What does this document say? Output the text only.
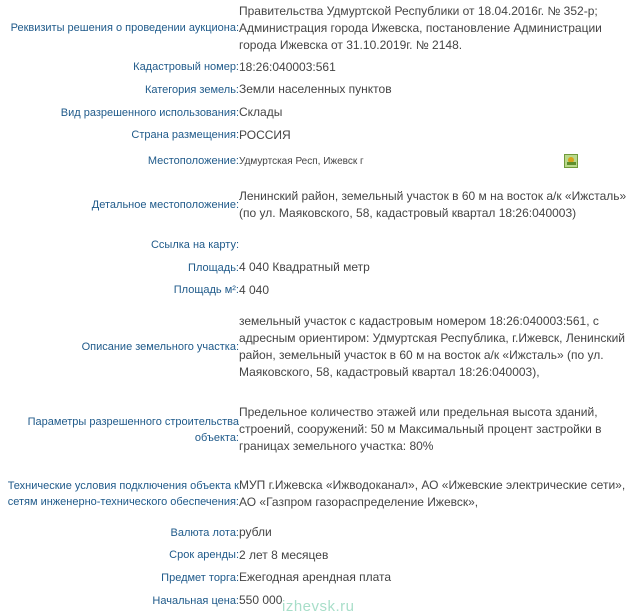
Реквизиты решения о проведении аукциона:	Правительства Удмуртской Республики от 18.04.2016г. № 352-р; Администрация города Ижевска, постановление Администрации города Ижевска от 31.10.2019г. № 2148.
Кадастровый номер:	18:26:040003:561
Категория земель:	Земли населенных пунктов
Вид разрешенного использования:	Склады
Страна размещения:	РОССИЯ
Местоположение:	Удмуртская Респ, Ижевск г
Детальное местоположение:	Ленинский район, земельный участок в 60 м на восток а/к «Ижсталь» (по ул. Маяковского, 58, кадастровый квартал 18:26:040003)
Ссылка на карту:	
Площадь:	4 040 Квадратный метр
Площадь м²:	4 040
Описание земельного участка:	земельный участок с кадастровым номером 18:26:040003:561, с адресным ориентиром: Удмуртская Республика, г.Ижевск, Ленинский район, земельный участок в 60 м на восток а/к «Ижсталь» (по ул. Маяковского, 58, кадастровый квартал 18:26:040003),
Параметры разрешенного строительства объекта:	Предельное количество этажей или предельная высота зданий, строений, сооружений: 50 м Максимальный процент застройки в границах земельного участка: 80%
Технические условия подключения объекта к сетям инженерно-технического обеспечения:	МУП г.Ижевска «Ижводоканал», АО «Ижевские электрические сети», АО «Газпром газораспределение Ижевск»,
Валюта лота:	рубли
Срок аренды:	2 лет 8 месяцев
Предмет торга:	Ежегодная арендная плата
Начальная цена:	550 000 izhevsk.ru
